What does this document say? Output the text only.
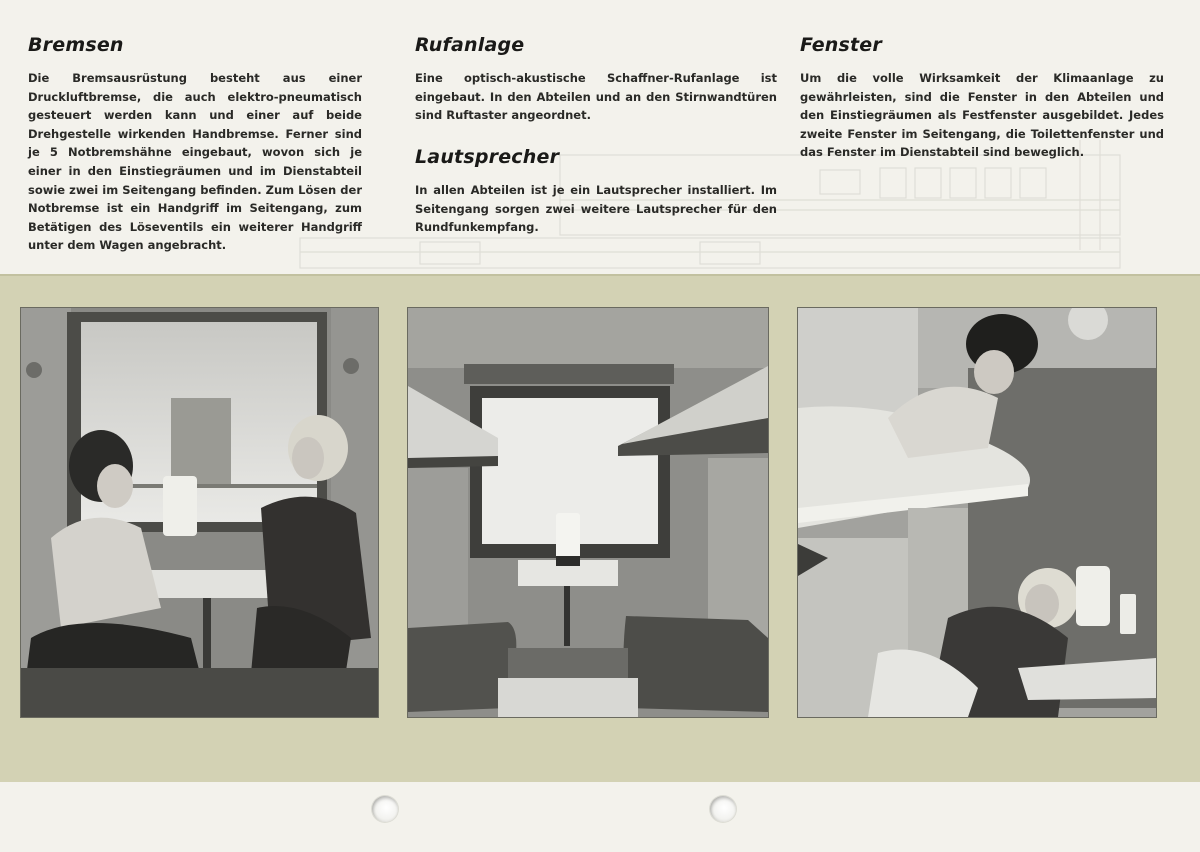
Bremsen

Die Bremsausrüstung besteht aus einer Druckluftbremse, die auch elektro-pneumatisch gesteuert werden kann und einer auf beide Drehgestelle wirkenden Handbremse. Ferner sind je 5 Notbremshähne eingebaut, wovon sich je einer in den Einstiegräumen und im Dienstabteil sowie zwei im Seitengang befinden. Zum Lösen der Notbremse ist ein Handgriff im Seitengang, zum Betätigen des Löseventils ein weiterer Handgriff unter dem Wagen angebracht.

Rufanlage

Eine optisch-akustische Schaffner-Rufanlage ist eingebaut. In den Abteilen und an den Stirnwandtüren sind Ruftaster angeordnet.

Lautsprecher

In allen Abteilen ist je ein Lautsprecher installiert. Im Seitengang sorgen zwei weitere Lautsprecher für den Rundfunkempfang.

Fenster

Um die volle Wirksamkeit der Klimaanlage zu gewährleisten, sind die Fenster in den Abteilen und den Einstiegräumen als Festfenster ausgebildet. Jedes zweite Fenster im Seitengang, die Toilettenfenster und das Fenster im Dienstabteil sind beweglich.
